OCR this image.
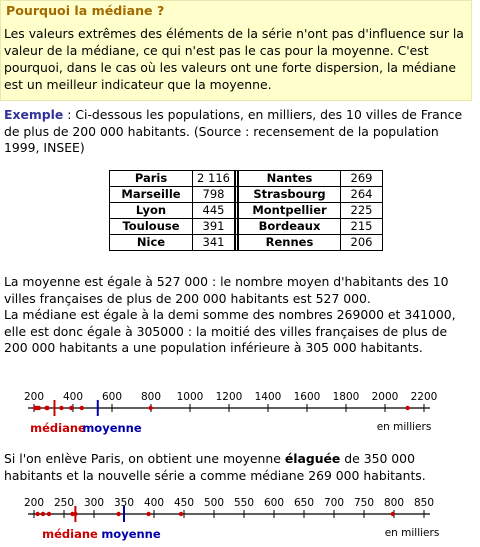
Pourquoi la médiane ?
Les valeurs extrêmes des éléments de la série n'ont pas d'influence sur la valeur de la médiane, ce qui n'est pas le cas pour la moyenne. C'est pourquoi, dans le cas où les valeurs ont une forte dispersion, la médiane est un meilleur indicateur que la moyenne.
Exemple : Ci-dessous les populations, en milliers, des 10 villes de France de plus de 200 000 habitants. (Source : recensement de la population 1999, INSEE)
Paris	2 116		Nantes	269
Marseille	798		Strasbourg	264
Lyon	445		Montpellier	225
Toulouse	391		Bordeaux	215
Nice	341		Rennes	206
La moyenne est égale à 527 000 : le nombre moyen d'habitants des 10 villes françaises de plus de 200 000 habitants est 527 000.
La médiane est égale à la demi somme des nombres 269000 et 341000, elle est donc égale à 305000 : la moitié des villes françaises de plus de 200 000 habitants a une population inférieure à 305 000 habitants.
200 400 600 800 1000 1200 1400 1600 1800 2000 2200
médiane
moyenne	en milliers
Si l'on enlève Paris, on obtient une moyenne élaguée de 350 000 habitants et la nouvelle série a comme médiane 269 000 habitants.
200 250 300 350 400 450 500 550 600 650 700 750 800 850
médiane moyenne	en milliers
